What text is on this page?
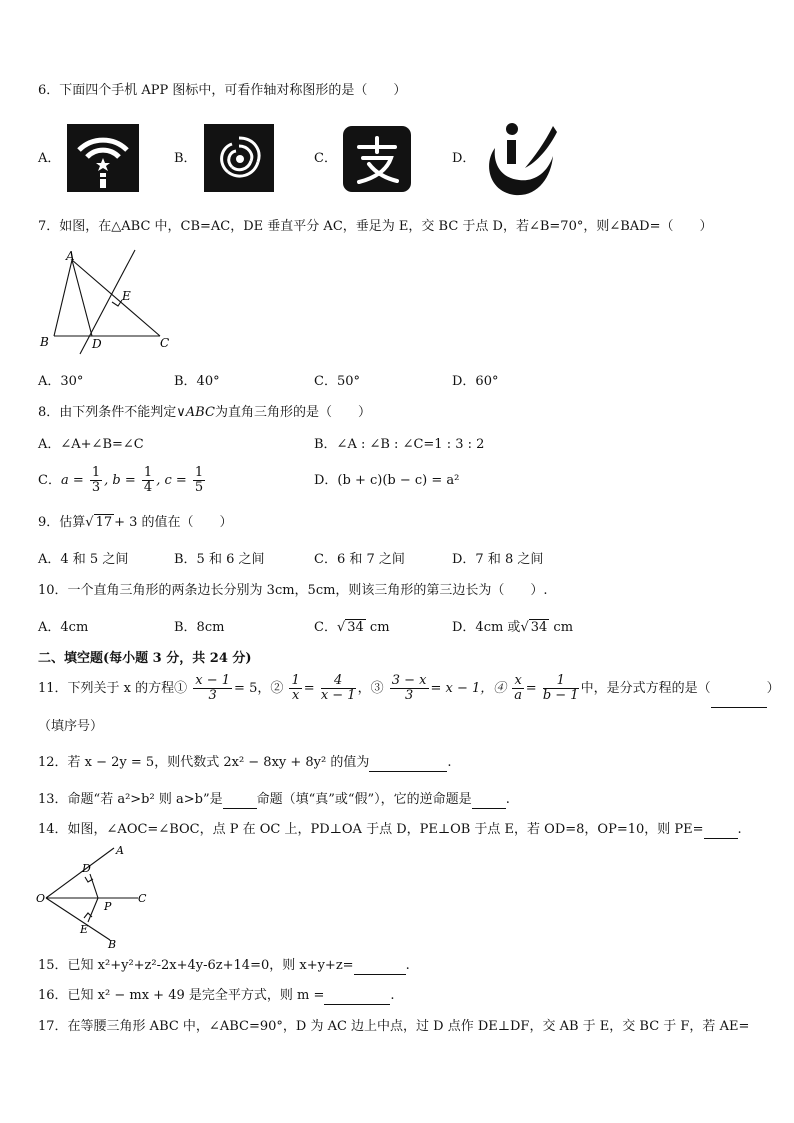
6．下面四个手机 APP 图标中，可看作轴对称图形的是（　　）
A．	B．	C．	D．
7．如图，在△ABC 中，CB=AC，DE 垂直平分 AC，垂足为 E，交 BC 于点 D，若∠B=70°，则∠BAD=（　　）
A
E
B	D	C
A．30°	B．40°	C．50°	D．60°
8．由下列条件不能判定∨ABC为直角三角形的是（　　）
A．∠A+∠B=∠C	B．∠A : ∠B : ∠C=1 : 3 : 2
C．$a = \frac{1}{3}$ , $b = \frac{1}{4}$ , $c = \frac{1}{5}$	D．(b + c)(b − c) = a²
9．估算√ 17 + 3 的值在（　　）
A．4 和 5 之间	B．5 和 6 之间	C．6 和 7 之间	D．7 和 8 之间
10．一个直角三角形的两条边长分别为 3cm，5cm，则该三角形的第三边长为（　　）.
A．4cm	B．8cm	C．√ 34 cm	D．4cm 或√ 34 cm
二、填空题(每小题 3 分，共 24 分)
11．下列关于 x 的方程① $\frac{x - 1}{3} = 5$，② $\frac{1}{x} = \frac{4}{x - 1}$ ，③ $\frac{3 - x}{3} = x - 1$，④ $\frac{x}{a} = \frac{1}{b - 1}$ 中，是分式方程的是（	）
（填序号）
12．若 x − 2y = 5，则代数式 2x² − 8xy + 8y² 的值为	.
13．命题“若 a²>b² 则 a>b”是	命题（填“真”或“假”），它的逆命题是	.
14．如图，∠AOC=∠BOC，点 P 在 OC 上，PD⊥OA 于点 D，PE⊥OB 于点 E，若 OD=8，OP=10，则 PE=	.
A
D
O
P
C
E
B
15．已知 x²+y²+z²-2x+4y-6z+14=0，则 x+y+z=	.
16．已知 x² − mx + 49 是完全平方式，则 m =	.
17．在等腰三角形 ABC 中，∠ABC=90°，D 为 AC 边上中点，过 D 点作 DE⊥DF，交 AB 于 E，交 BC 于 F，若 AE=
